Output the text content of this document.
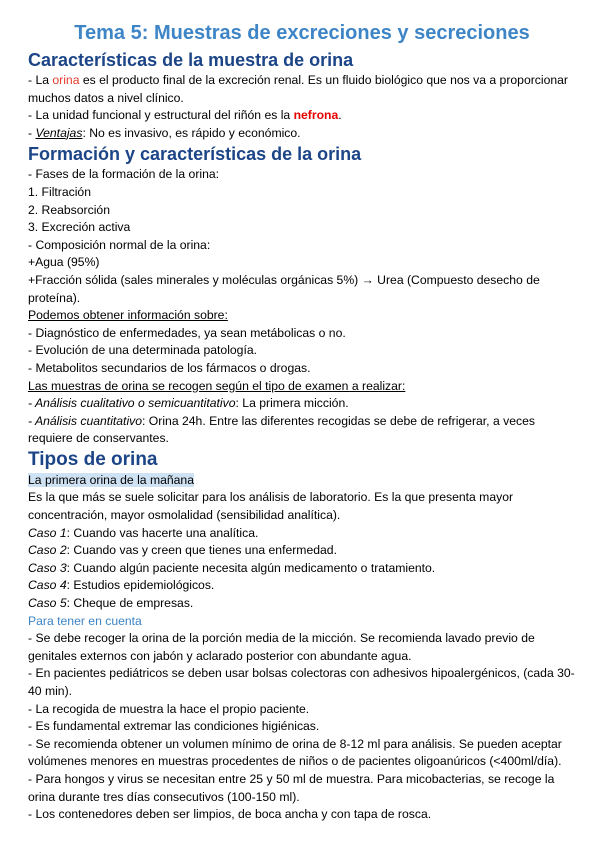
Tema 5: Muestras de excreciones y secreciones
Características de la muestra de orina

- La orina es el producto final de la excreción renal. Es un fluido biológico que nos va a proporcionar muchos datos a nivel clínico.

- La unidad funcional y estructural del riñón es la nefrona.

- Ventajas: No es invasivo, es rápido y económico.

Formación y características de la orina

- Fases de la formación de la orina:

1. Filtración

2. Reabsorción

3. Excreción activa

- Composición normal de la orina:

+Agua (95%)

+Fracción sólida (sales minerales y moléculas orgánicas 5%) → Urea (Compuesto desecho de proteína).

Podemos obtener información sobre:

- Diagnóstico de enfermedades, ya sean metábolicas o no.

- Evolución de una determinada patología.

- Metabolitos secundarios de los fármacos o drogas.

Las muestras de orina se recogen según el tipo de examen a realizar:

- Análisis cualitativo o semicuantitativo: La primera micción.

- Análisis cuantitativo: Orina 24h. Entre las diferentes recogidas se debe de refrigerar, a veces requiere de conservantes.

Tipos de orina

La primera orina de la mañana

Es la que más se suele solicitar para los análisis de laboratorio. Es la que presenta mayor concentración, mayor osmolalidad (sensibilidad analítica).

Caso 1: Cuando vas hacerte una analítica.

Caso 2: Cuando vas y creen que tienes una enfermedad.

Caso 3: Cuando algún paciente necesita algún medicamento o tratamiento.

Caso 4: Estudios epidemiológicos.

Caso 5: Cheque de empresas.

Para tener en cuenta

- Se debe recoger la orina de la porción media de la micción. Se recomienda lavado previo de genitales externos con jabón y aclarado posterior con abundante agua.

- En pacientes pediátricos se deben usar bolsas colectoras con adhesivos hipoalergénicos, (cada 30-40 min).

- La recogida de muestra la hace el propio paciente.

- Es fundamental extremar las condiciones higiénicas.

- Se recomienda obtener un volumen mínimo de orina de 8-12 ml para análisis. Se pueden aceptar volúmenes menores en muestras procedentes de niños o de pacientes oligoanúricos (<400ml/día).

- Para hongos y virus se necesitan entre 25 y 50 ml de muestra. Para micobacterias, se recoge la orina durante tres días consecutivos (100-150 ml).

- Los contenedores deben ser limpios, de boca ancha y con tapa de rosca.
